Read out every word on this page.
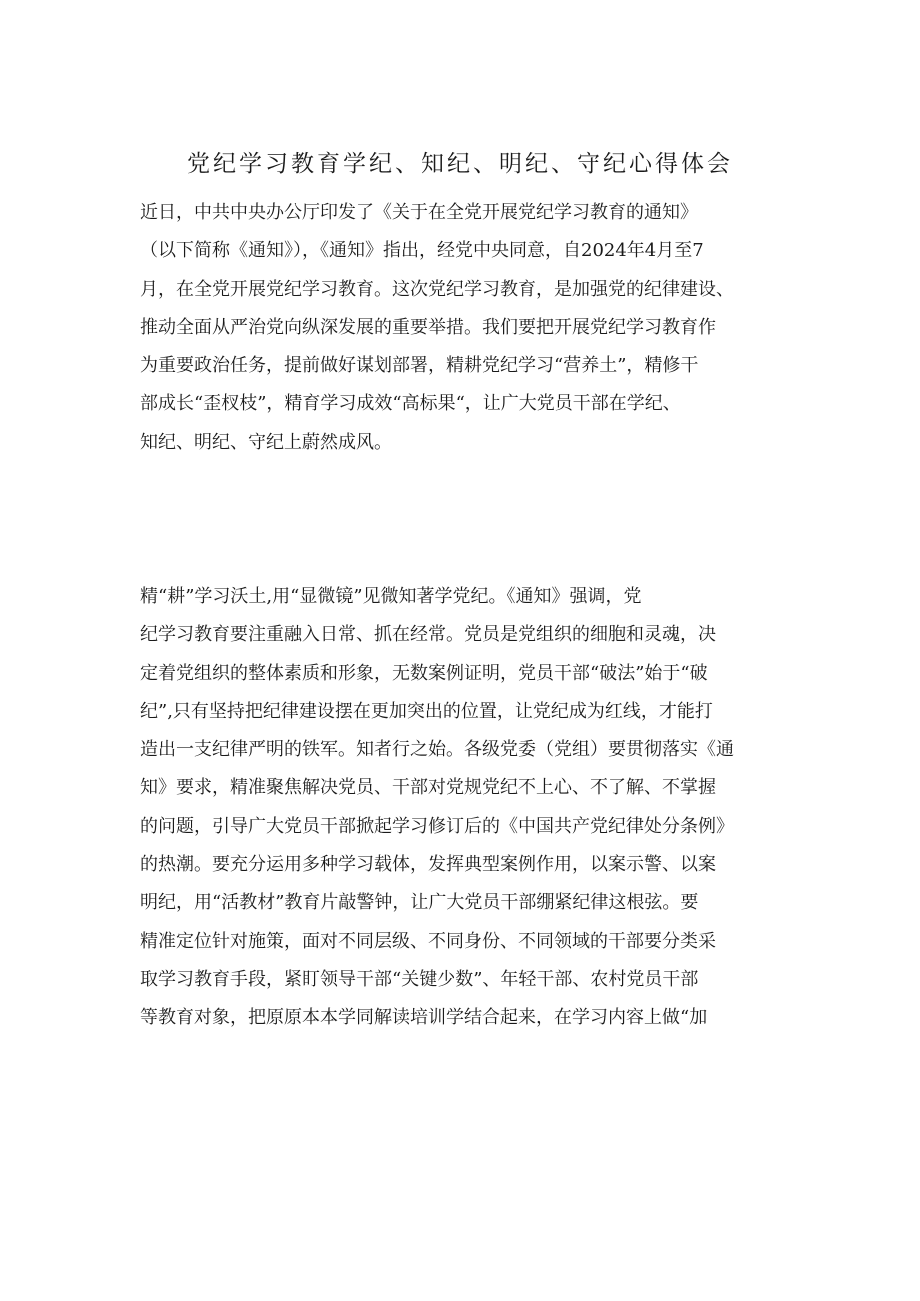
党纪学习教育学纪、知纪、明纪、守纪心得体会

近日，中共中央办公厅印发了《关于在全党开展党纪学习教育的通知》
（以下简称《通知》），《通知》指出，经党中央同意，自2024年4月至7
月，在全党开展党纪学习教育。这次党纪学习教育，是加强党的纪律建设、
推动全面从严治党向纵深发展的重要举措。我们要把开展党纪学习教育作
为重要政治任务，提前做好谋划部署，精耕党纪学习“营养土”，精修干
部成长“歪杈枝”，精育学习成效“高标果“，让广大党员干部在学纪、
知纪、明纪、守纪上蔚然成风。

精“耕”学习沃土,用“显微镜”见微知著学党纪。《通知》强调，党
纪学习教育要注重融入日常、抓在经常。党员是党组织的细胞和灵魂，决
定着党组织的整体素质和形象，无数案例证明，党员干部“破法”始于“破
纪”,只有坚持把纪律建设摆在更加突出的位置，让党纪成为红线，才能打
造出一支纪律严明的铁军。知者行之始。各级党委（党组）要贯彻落实《通
知》要求，精准聚焦解决党员、干部对党规党纪不上心、不了解、不掌握
的问题，引导广大党员干部掀起学习修订后的《中国共产党纪律处分条例》
的热潮。要充分运用多种学习载体，发挥典型案例作用，以案示警、以案
明纪，用“活教材”教育片敲警钟，让广大党员干部绷紧纪律这根弦。要
精准定位针对施策，面对不同层级、不同身份、不同领域的干部要分类采
取学习教育手段，紧盯领导干部“关键少数”、年轻干部、农村党员干部
等教育对象，把原原本本学同解读培训学结合起来，在学习内容上做“加
